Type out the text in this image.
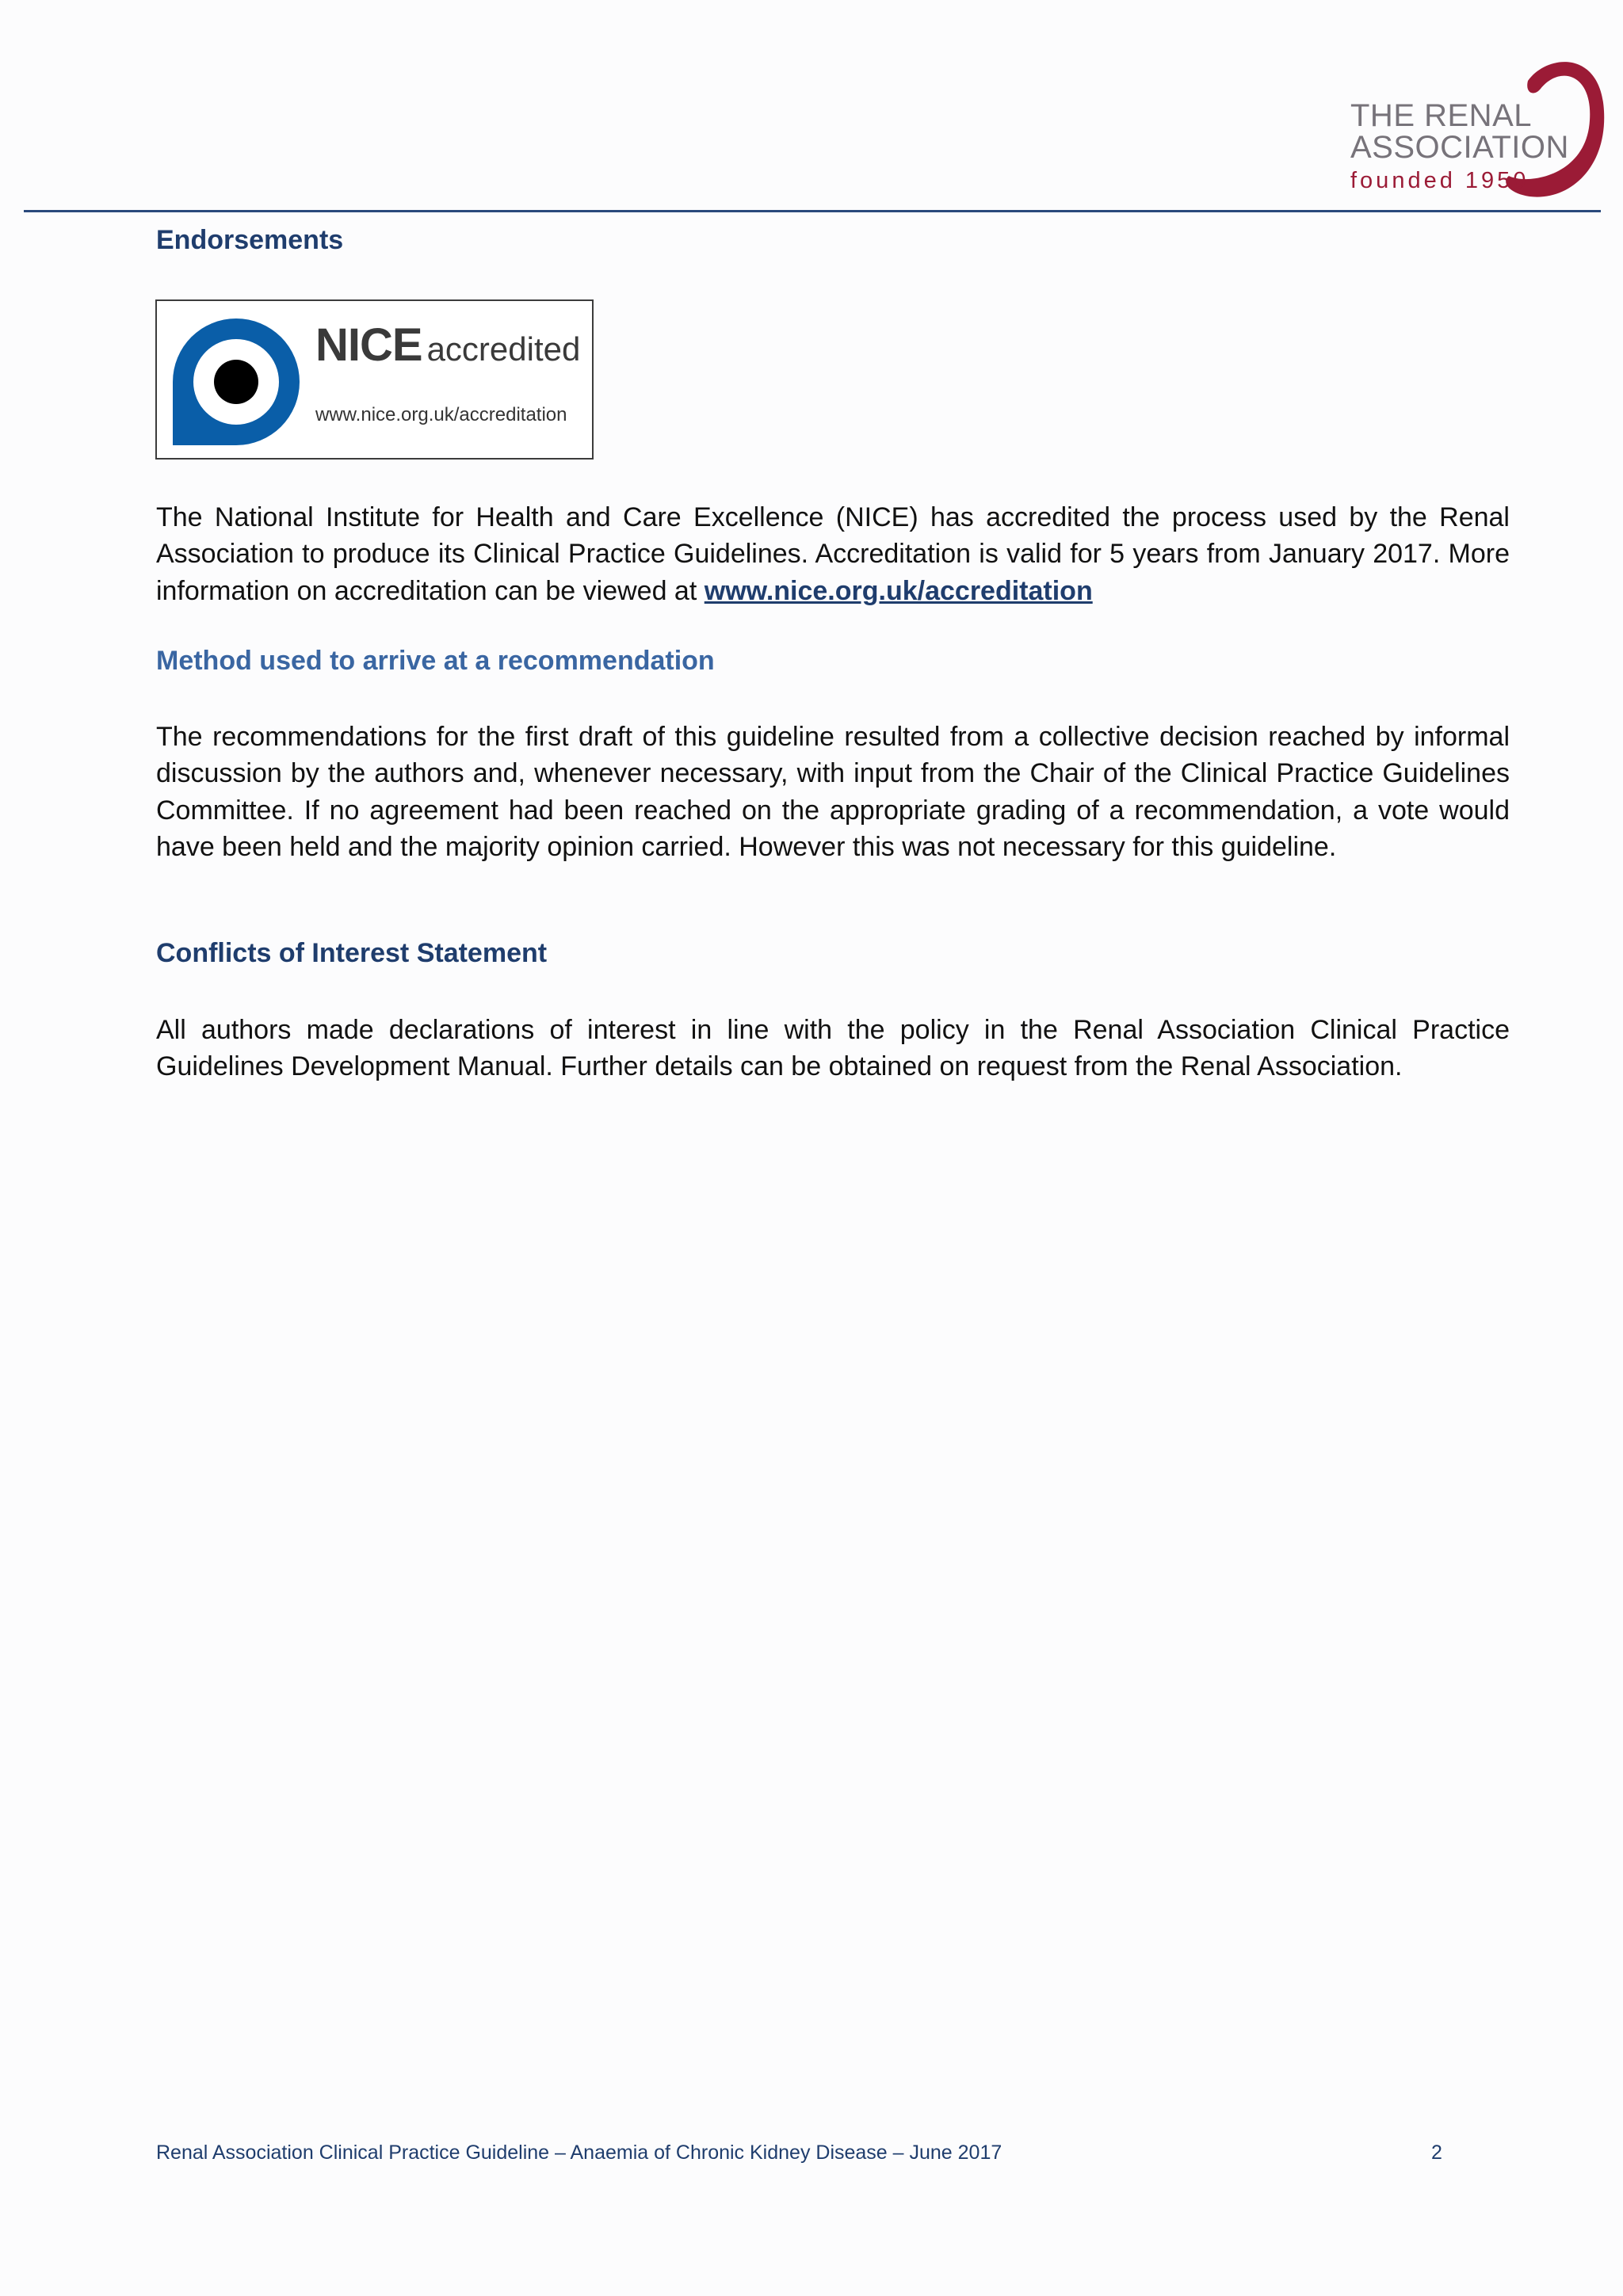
THE RENAL
ASSOCIATION
founded 1950
Endorsements
NICE accredited
www.nice.org.uk/accreditation
The National Institute for Health and Care Excellence (NICE) has accredited the process used by the Renal Association to produce its Clinical Practice Guidelines. Accreditation is valid for 5 years from January 2017. More information on accreditation can be viewed at www.nice.org.uk/accreditation
Method used to arrive at a recommendation
The recommendations for the first draft of this guideline resulted from a collective decision reached by informal discussion by the authors and, whenever necessary, with input from the Chair of the Clinical Practice Guidelines Committee. If no agreement had been reached on the appropriate grading of a recommendation, a vote would have been held and the majority opinion carried. However this was not necessary for this guideline.
Conflicts of Interest Statement
All authors made declarations of interest in line with the policy in the Renal Association Clinical Practice Guidelines Development Manual. Further details can be obtained on request from the Renal Association.
Renal Association Clinical Practice Guideline – Anaemia of Chronic Kidney Disease – June 2017	2
